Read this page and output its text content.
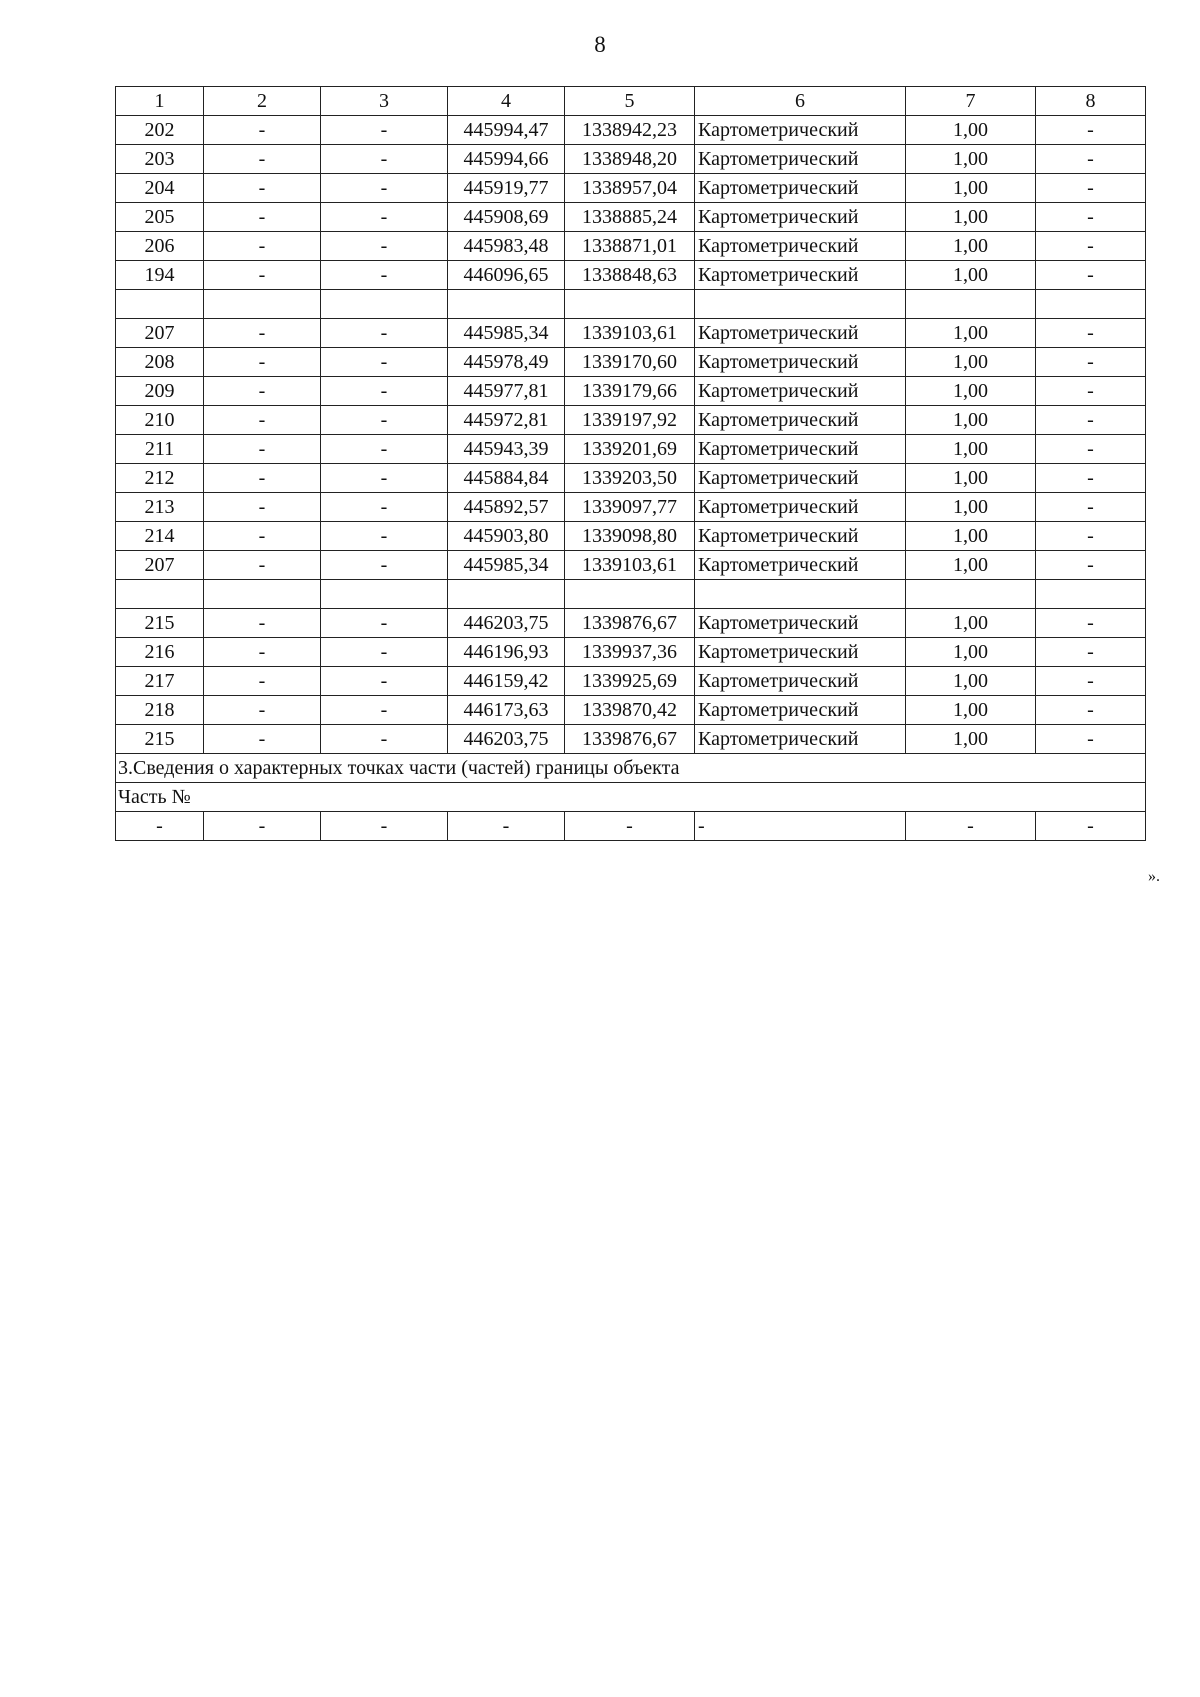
8
1	2	3	4	5	6	7	8
202	-	-	445994,47	1338942,23	Картометрический	1,00	-
203	-	-	445994,66	1338948,20	Картометрический	1,00	-
204	-	-	445919,77	1338957,04	Картометрический	1,00	-
205	-	-	445908,69	1338885,24	Картометрический	1,00	-
206	-	-	445983,48	1338871,01	Картометрический	1,00	-
194	-	-	446096,65	1338848,63	Картометрический	1,00	-

207	-	-	445985,34	1339103,61	Картометрический	1,00	-
208	-	-	445978,49	1339170,60	Картометрический	1,00	-
209	-	-	445977,81	1339179,66	Картометрический	1,00	-
210	-	-	445972,81	1339197,92	Картометрический	1,00	-
211	-	-	445943,39	1339201,69	Картометрический	1,00	-
212	-	-	445884,84	1339203,50	Картометрический	1,00	-
213	-	-	445892,57	1339097,77	Картометрический	1,00	-
214	-	-	445903,80	1339098,80	Картометрический	1,00	-
207	-	-	445985,34	1339103,61	Картометрический	1,00	-

215	-	-	446203,75	1339876,67	Картометрический	1,00	-
216	-	-	446196,93	1339937,36	Картометрический	1,00	-
217	-	-	446159,42	1339925,69	Картометрический	1,00	-
218	-	-	446173,63	1339870,42	Картометрический	1,00	-
215	-	-	446203,75	1339876,67	Картометрический	1,00	-
3.Сведения о характерных точках части (частей) границы объекта							
Часть №							
-	-	-	-	-	-	-	-
».
